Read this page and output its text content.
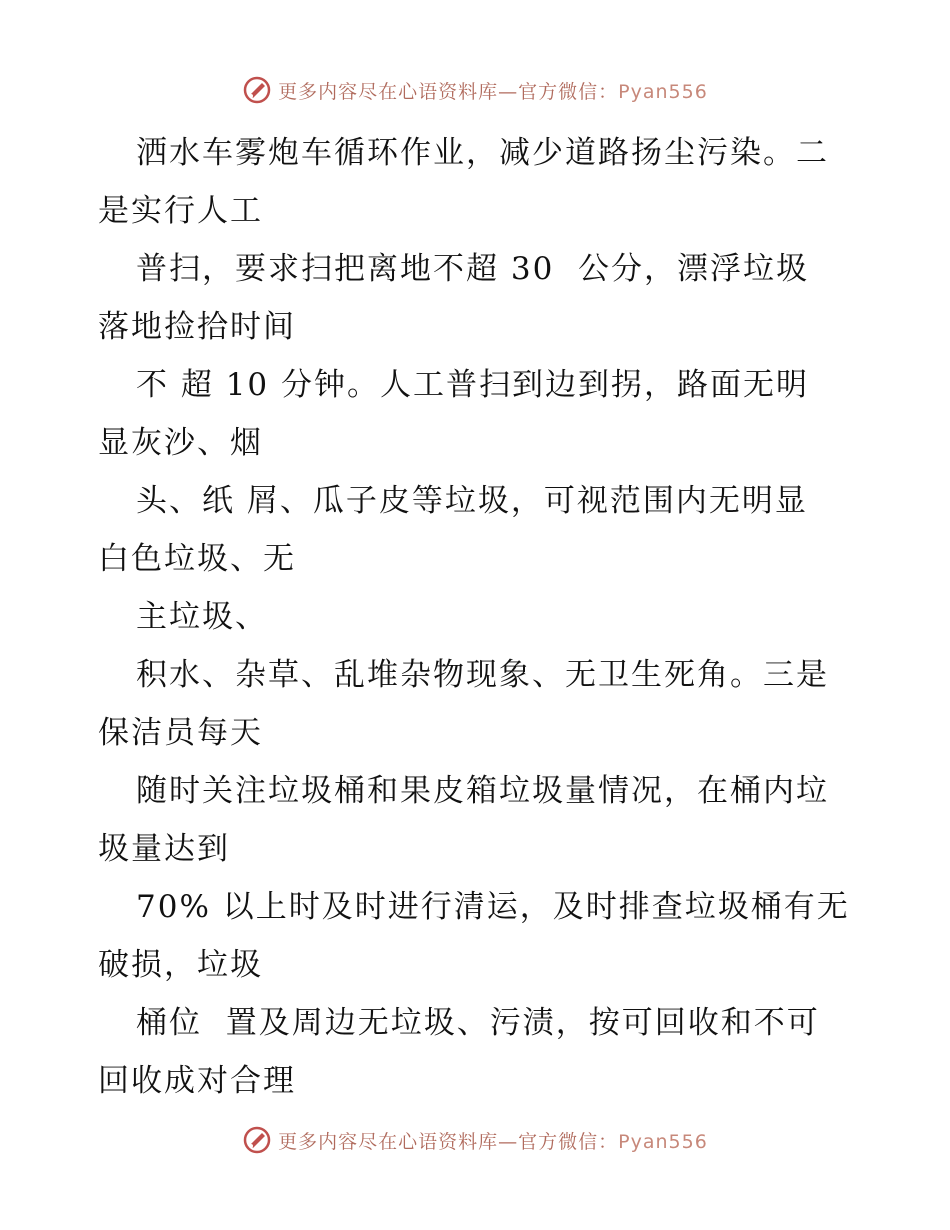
更多内容尽在心语资料库—官方微信：Pyan556
洒水车雾炮车循环作业，减少道路扬尘污染。二
是实行人工
普扫，要求扫把离地不超 30  公分，漂浮垃圾
落地捡拾时间
不 超 10 分钟。人工普扫到边到拐，路面无明
显灰沙、烟
头、纸 屑、瓜子皮等垃圾，可视范围内无明显
白色垃圾、无
主垃圾、
积水、杂草、乱堆杂物现象、无卫生死角。三是
保洁员每天
随时关注垃圾桶和果皮箱垃圾量情况，在桶内垃
圾量达到
70% 以上时及时进行清运，及时排查垃圾桶有无
破损，垃圾
桶位  置及周边无垃圾、污渍，按可回收和不可
回收成对合理
更多内容尽在心语资料库—官方微信：Pyan556
